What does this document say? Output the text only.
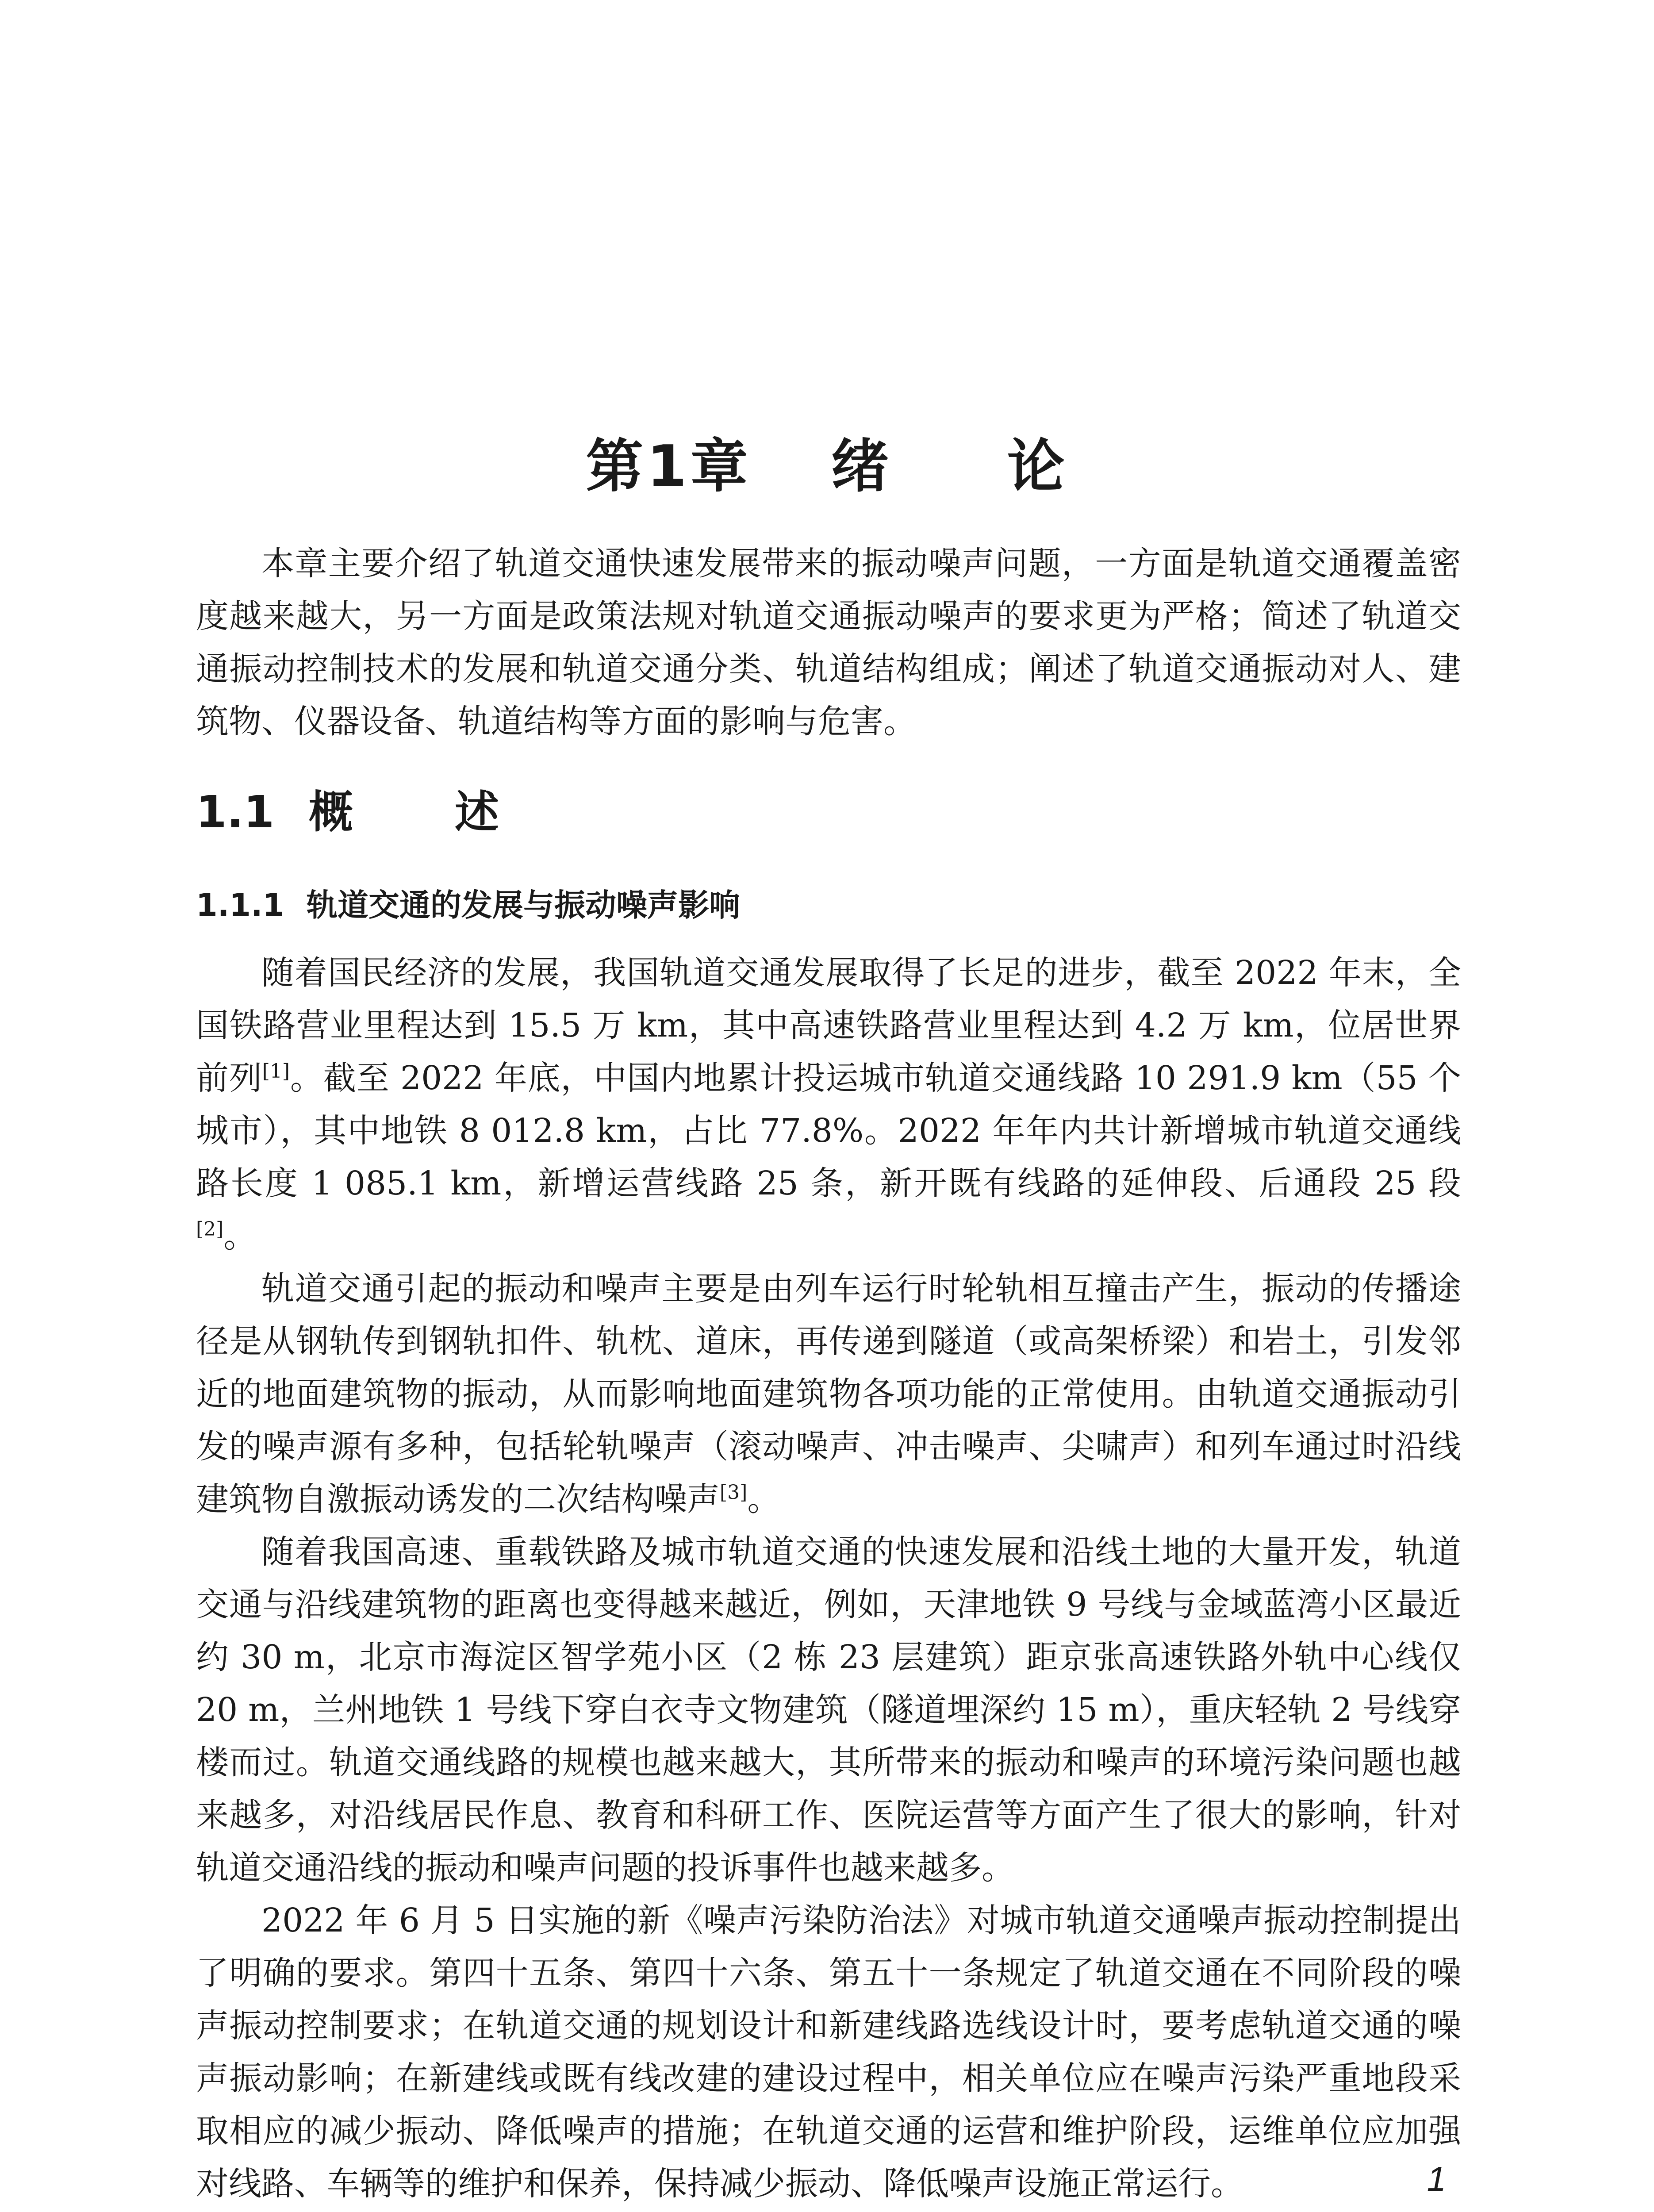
第1章 绪 论

本章主要介绍了轨道交通快速发展带来的振动噪声问题，一方面是轨道交通覆盖密度越来越大，另一方面是政策法规对轨道交通振动噪声的要求更为严格；简述了轨道交通振动控制技术的发展和轨道交通分类、轨道结构组成；阐述了轨道交通振动对人、建筑物、仪器设备、轨道结构等方面的影响与危害。

1.1 概 述
1.1.1 轨道交通的发展与振动噪声影响

随着国民经济的发展，我国轨道交通发展取得了长足的进步，截至 2022 年末，全国铁路营业里程达到 15.5 万 km，其中高速铁路营业里程达到 4.2 万 km，位居世界前列[1]。截至 2022 年底，中国内地累计投运城市轨道交通线路 10 291.9 km（55 个城市），其中地铁 8 012.8 km，占比 77.8%。2022 年年内共计新增城市轨道交通线路长度 1 085.1 km，新增运营线路 25 条，新开既有线路的延伸段、后通段 25 段[2]。

轨道交通引起的振动和噪声主要是由列车运行时轮轨相互撞击产生，振动的传播途径是从钢轨传到钢轨扣件、轨枕、道床，再传递到隧道（或高架桥梁）和岩土，引发邻近的地面建筑物的振动，从而影响地面建筑物各项功能的正常使用。由轨道交通振动引发的噪声源有多种，包括轮轨噪声（滚动噪声、冲击噪声、尖啸声）和列车通过时沿线建筑物自激振动诱发的二次结构噪声[3]。

随着我国高速、重载铁路及城市轨道交通的快速发展和沿线土地的大量开发，轨道交通与沿线建筑物的距离也变得越来越近，例如，天津地铁 9 号线与金域蓝湾小区最近约 30 m，北京市海淀区智学苑小区（2 栋 23 层建筑）距京张高速铁路外轨中心线仅 20 m，兰州地铁 1 号线下穿白衣寺文物建筑（隧道埋深约 15 m），重庆轻轨 2 号线穿楼而过。轨道交通线路的规模也越来越大，其所带来的振动和噪声的环境污染问题也越来越多，对沿线居民作息、教育和科研工作、医院运营等方面产生了很大的影响，针对轨道交通沿线的振动和噪声问题的投诉事件也越来越多。

2022 年 6 月 5 日实施的新《噪声污染防治法》对城市轨道交通噪声振动控制提出了明确的要求。第四十五条、第四十六条、第五十一条规定了轨道交通在不同阶段的噪声振动控制要求；在轨道交通的规划设计和新建线路选线设计时，要考虑轨道交通的噪声振动影响；在新建线或既有线改建的建设过程中，相关单位应在噪声污染严重地段采取相应的减少振动、降低噪声的措施；在轨道交通的运营和维护阶段，运维单位应加强对线路、车辆等的维护和保养，保持减少振动、降低噪声设施正常运行。	1
